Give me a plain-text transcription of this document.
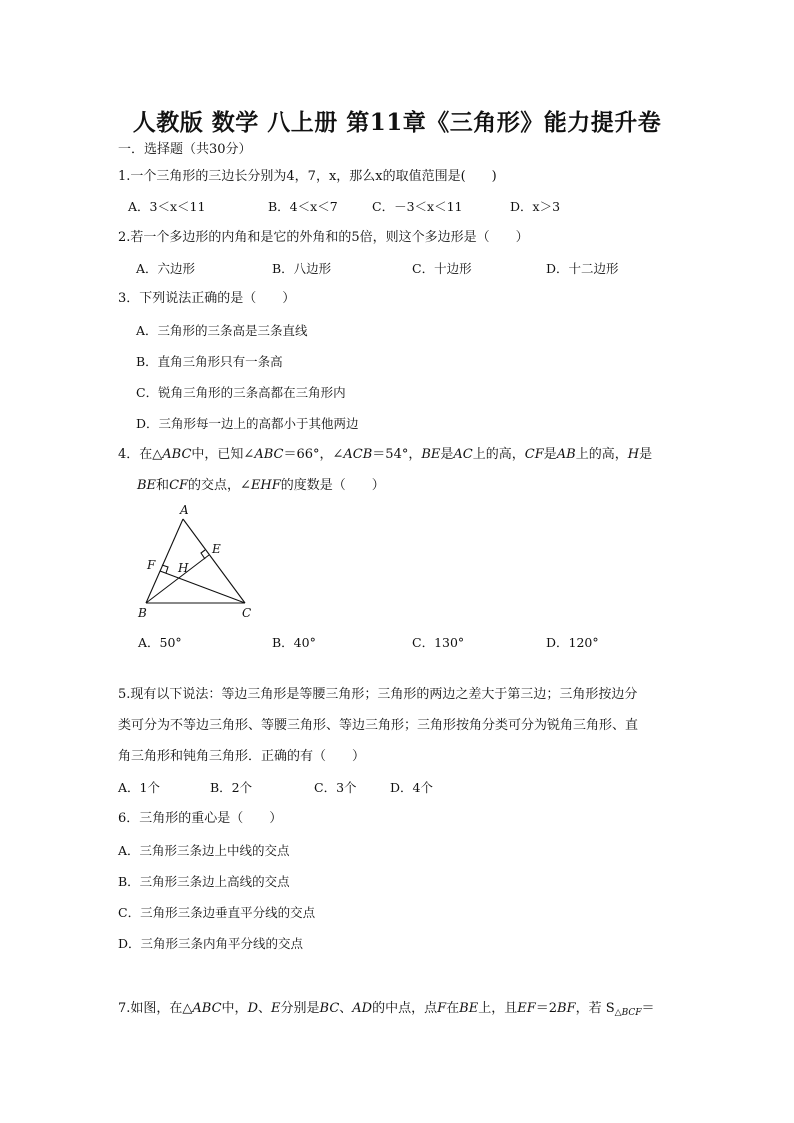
人教版 数学 八上册 第11章《三角形》能力提升卷
一．选择题（共30分）
1.一个三角形的三边长分别为4，7，x，那么x的取值范围是(　　)
A．3＜x＜11	B．4＜x＜7	C．－3＜x＜11	D．x＞3
2.若一个多边形的内角和是它的外角和的5倍，则这个多边形是（　　）
A．六边形	B．八边形	C．十边形	D．十二边形
3．下列说法正确的是（　　）
A．三角形的三条高是三条直线
B．直角三角形只有一条高
C．锐角三角形的三条高都在三角形内
D．三角形每一边上的高都小于其他两边
4．在△ABC中，已知∠ABC＝66°，∠ACB＝54°，BE是AC上的高，CF是AB上的高，H是
BE和CF的交点，∠EHF的度数是（　　）
A
B	C
E
F H
A．50°	B．40°	C．130°	D．120°
5.现有以下说法：等边三角形是等腰三角形；三角形的两边之差大于第三边；三角形按边分
类可分为不等边三角形、等腰三角形、等边三角形；三角形按角分类可分为锐角三角形、直
角三角形和钝角三角形．正确的有（　　）
A．1个	B．2个	C．3个	D．4个
6．三角形的重心是（　　）
A．三角形三条边上中线的交点
B．三角形三条边上高线的交点
C．三角形三条边垂直平分线的交点
D．三角形三条内角平分线的交点
7.如图，在△ABC中，D、E分别是BC、AD的中点，点F在BE上，且EF＝2BF，若 $S_{\triangle BCF}=$
